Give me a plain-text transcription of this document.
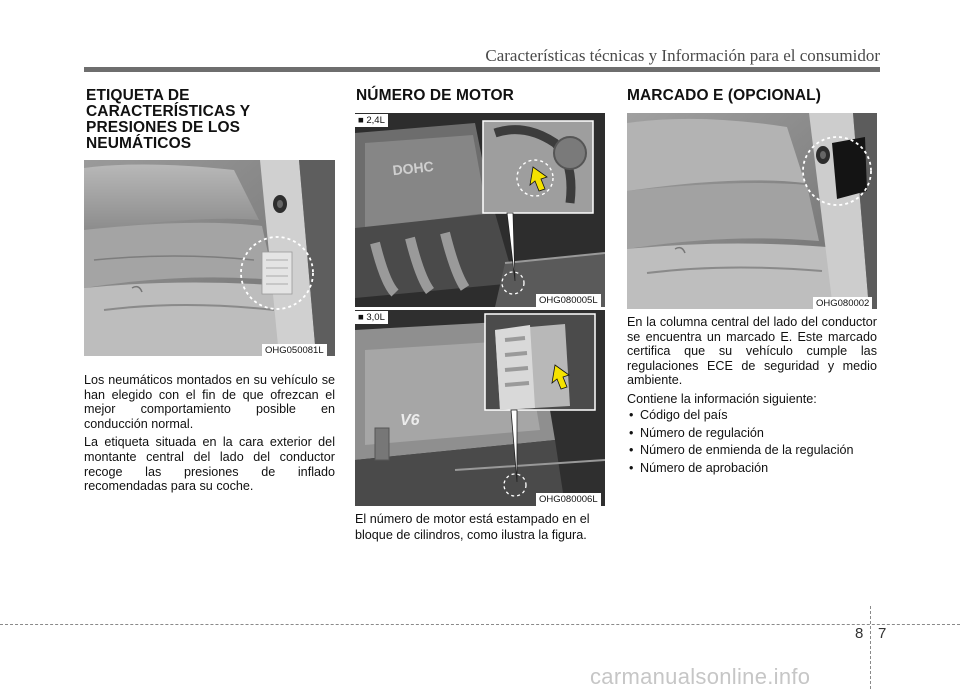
Características técnicas y Información para el consumidor
ETIQUETA DE
CARACTERÍSTICAS Y
PRESIONES DE LOS
NEUMÁTICOS
OHG050081L

Los neumáticos montados en su vehículo se han elegido con el fin de que ofrezcan el mejor comportamiento posible en conducción normal.

La etiqueta situada en la cara exterior del montante central del lado del conductor recoge las presiones de inflado recomendadas para su coche.

NÚMERO DE MOTOR
DOHC
■ 2,4L
OHG080005L
V6
■ 3,0L
OHG080006L
El número de motor está estampado en el bloque de cilindros, como ilustra la figura.
MARCADO E (OPCIONAL)
OHG080002

En la columna central del lado del conductor se encuentra un marcado E. Este marcado certifica que su vehículo cumple las regulaciones ECE de seguridad y medio ambiente.

Contiene la información siguiente:

• Código del país
• Número de regulación
• Número de enmienda de la regulación
• Número de aprobación
8 7
carmanualsonline.info
